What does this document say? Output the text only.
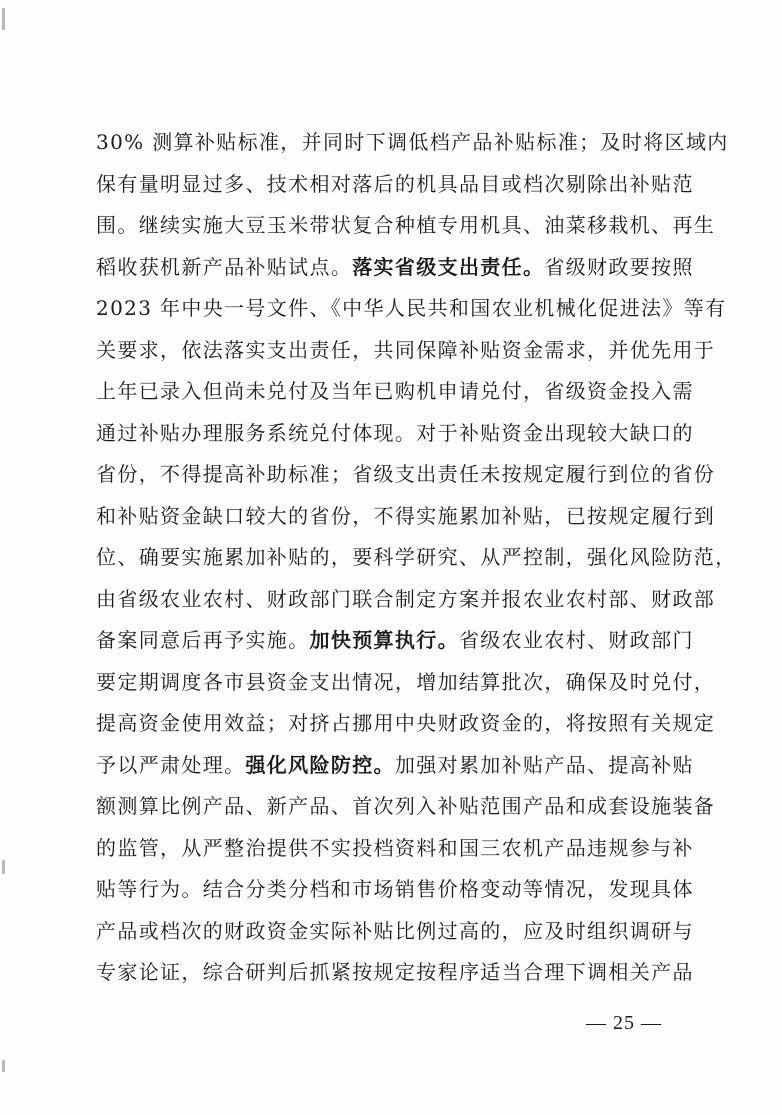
30% 测算补贴标准，并同时下调低档产品补贴标准；及时将区域内
保有量明显过多、技术相对落后的机具品目或档次剔除出补贴范
围。继续实施大豆玉米带状复合种植专用机具、油菜移栽机、再生
稻收获机新产品补贴试点。落实省级支出责任。省级财政要按照
2023 年中央一号文件、《中华人民共和国农业机械化促进法》等有
关要求，依法落实支出责任，共同保障补贴资金需求，并优先用于
上年已录入但尚未兑付及当年已购机申请兑付，省级资金投入需
通过补贴办理服务系统兑付体现。对于补贴资金出现较大缺口的
省份，不得提高补助标准；省级支出责任未按规定履行到位的省份
和补贴资金缺口较大的省份，不得实施累加补贴，已按规定履行到
位、确要实施累加补贴的，要科学研究、从严控制，强化风险防范，
由省级农业农村、财政部门联合制定方案并报农业农村部、财政部
备案同意后再予实施。加快预算执行。省级农业农村、财政部门
要定期调度各市县资金支出情况，增加结算批次，确保及时兑付，
提高资金使用效益；对挤占挪用中央财政资金的，将按照有关规定
予以严肃处理。强化风险防控。加强对累加补贴产品、提高补贴
额测算比例产品、新产品、首次列入补贴范围产品和成套设施装备
的监管，从严整治提供不实投档资料和国三农机产品违规参与补
贴等行为。结合分类分档和市场销售价格变动等情况，发现具体
产品或档次的财政资金实际补贴比例过高的，应及时组织调研与
专家论证，综合研判后抓紧按规定按程序适当合理下调相关产品
— 25 —
